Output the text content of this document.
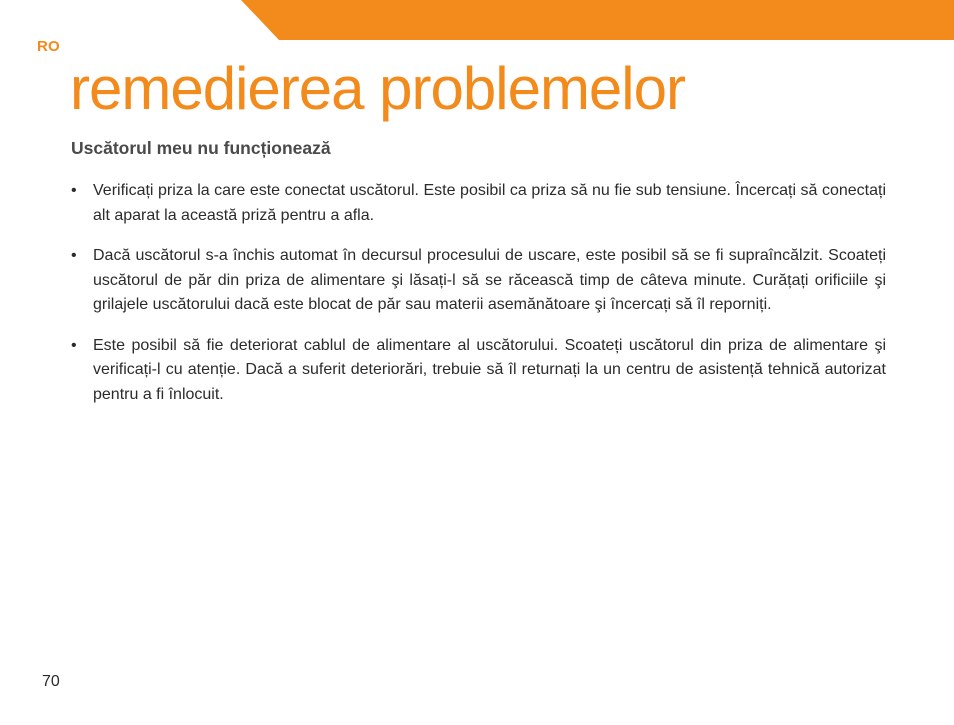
RO
remedierea problemelor
Uscătorul meu nu funcționează
• Verificați priza la care este conectat uscătorul. Este posibil ca priza să nu fie sub tensiune. Încercați să conectați alt aparat la această priză pentru a afla.
• Dacă uscătorul s-a închis automat în decursul procesului de uscare, este posibil să se fi supraîncălzit. Scoateți uscătorul de păr din priza de alimentare şi lăsați-l să se răcească timp de câteva minute. Curățați orificiile şi grilajele uscătorului dacă este blocat de păr sau materii asemănătoare şi încercați să îl reporniți.
• Este posibil să fie deteriorat cablul de alimentare al uscătorului. Scoateți uscătorul din priza de alimentare şi verificați-l cu atenție. Dacă a suferit deteriorări, trebuie să îl returnați la un centru de asistență tehnică autorizat pentru a fi înlocuit.
70
